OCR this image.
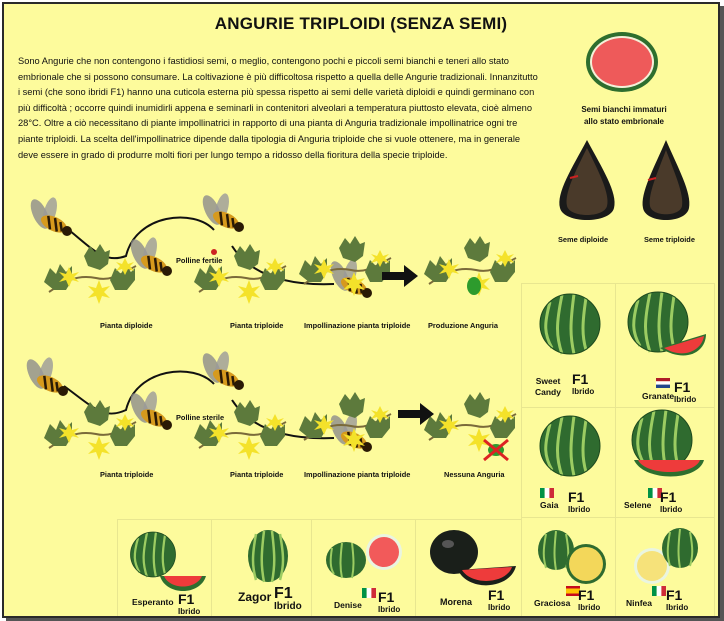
ANGURIE TRIPLOIDI (SENZA SEMI)
Sono Angurie che non contengono i fastidiosi semi, o meglio, contengono pochi e piccoli semi bianchi e teneri allo stato embrionale che si possono consumare. La coltivazione è più difficoltosa rispetto a quella delle Angurie tradizionali. Innanzitutto i semi (che sono ibridi F1) hanno una cuticola esterna più spessa rispetto ai semi delle varietà diploidi e quindi germinano con più difficoltà ; occorre quindi inumidirli appena e seminarli in contenitori alveolari a temperatura piuttosto elevata, cioè almeno 28°C. Oltre a ciò necessitano di piante impollinatrici in rapporto di una pianta di Anguria tradizionale impollinatrice ogni tre piante triploidi. La scelta dell'impollinatrice dipende dalla tipologia di Anguria triploide che si vuole ottenere, ma in generale deve essere in grado di produrre molti fiori per lungo tempo a ridosso della fioritura della specie triploide.
Semi bianchi immaturi allo stato embrionale
Seme diploide	Seme triploide
Polline fertile
Pianta diploide	Pianta triploide	Impollinazione pianta triploide Produzione Anguria
Polline sterile
Pianta triploide	Pianta triploide	Impollinazione pianta triploide	Nessuna Anguria
Sweet Candy
F1
Ibrido	Granate
F1
Ibrido
Gaia F1
Ibrido	Selene F1
Ibrido
Esperanto F1
Ibrido
Zagor F1
Ibrido	Denise F1
Ibrido
Morena F1
Ibrido	Graciosa F1
Ibrido	Ninfea F1
Ibrido
